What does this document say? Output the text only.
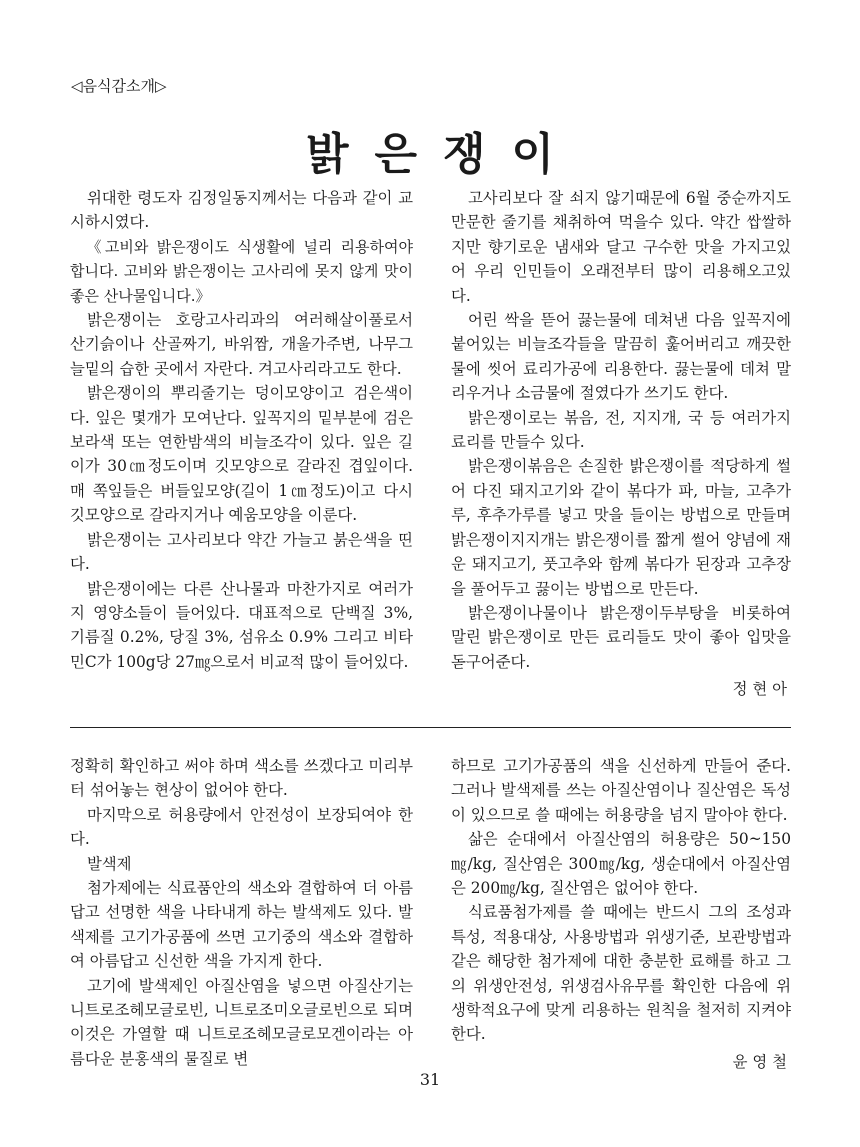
◁음식감소개▷
밝은쟁이

위대한 령도자 김정일동지께서는 다음과 같이 교시하시였다.

《고비와 밝은쟁이도 식생활에 널리 리용하여야 합니다. 고비와 밝은쟁이는 고사리에 못지 않게 맛이 좋은 산나물입니다.》

밝은쟁이는 호랑고사리과의 여러해살이풀로서 산기슭이나 산골짜기, 바위짬, 개울가주변, 나무그늘밑의 습한 곳에서 자란다. 겨고사리라고도 한다.

밝은쟁이의 뿌리줄기는 덩이모양이고 검은색이다. 잎은 몇개가 모여난다. 잎꼭지의 밑부분에 검은 보라색 또는 연한밤색의 비늘조각이 있다. 잎은 길이가 30㎝정도이며 깃모양으로 갈라진 겹잎이다. 매 쪽잎들은 버들잎모양(길이 1㎝정도)이고 다시 깃모양으로 갈라지거나 예움모양을 이룬다.

밝은쟁이는 고사리보다 약간 가늘고 붉은색을 띤다.

밝은쟁이에는 다른 산나물과 마찬가지로 여러가지 영양소들이 들어있다. 대표적으로 단백질 3%, 기름질 0.2%, 당질 3%, 섬유소 0.9% 그리고 비타민C가 100g당 27㎎으로서 비교적 많이 들어있다.

고사리보다 잘 쇠지 않기때문에 6월 중순까지도 만문한 줄기를 채취하여 먹을수 있다. 약간 쌉쌀하지만 향기로운 냄새와 달고 구수한 맛을 가지고있어 우리 인민들이 오래전부터 많이 리용해오고있다.

어린 싹을 뜯어 끓는물에 데쳐낸 다음 잎꼭지에 붙어있는 비늘조각들을 말끔히 훑어버리고 깨끗한 물에 씻어 료리가공에 리용한다. 끓는물에 데쳐 말리우거나 소금물에 절였다가 쓰기도 한다.

밝은쟁이로는 볶음, 전, 지지개, 국 등 여러가지 료리를 만들수 있다.

밝은쟁이볶음은 손질한 밝은쟁이를 적당하게 썰어 다진 돼지고기와 같이 볶다가 파, 마늘, 고추가루, 후추가루를 넣고 맛을 들이는 방법으로 만들며 밝은쟁이지지개는 밝은쟁이를 짧게 썰어 양념에 재운 돼지고기, 풋고추와 함께 볶다가 된장과 고추장을 풀어두고 끓이는 방법으로 만든다.

밝은쟁이나물이나 밝은쟁이두부탕을 비롯하여 말린 밝은쟁이로 만든 료리들도 맛이 좋아 입맛을 돋구어준다.

정 현 아

정확히 확인하고 써야 하며 색소를 쓰겠다고 미리부터 섞어놓는 현상이 없어야 한다.

마지막으로 허용량에서 안전성이 보장되여야 한다.

발색제

첨가제에는 식료품안의 색소와 결합하여 더 아름답고 선명한 색을 나타내게 하는 발색제도 있다. 발색제를 고기가공품에 쓰면 고기중의 색소와 결합하여 아름답고 신선한 색을 가지게 한다.

고기에 발색제인 아질산염을 넣으면 아질산기는 니트로조헤모글로빈, 니트로조미오글로빈으로 되며 이것은 가열할 때 니트로조헤모글로모겐이라는 아름다운 분홍색의 물질로 변

하므로 고기가공품의 색을 신선하게 만들어 준다. 그러나 발색제를 쓰는 아질산염이나 질산염은 독성이 있으므로 쓸 때에는 허용량을 넘지 말아야 한다.

삶은 순대에서 아질산염의 허용량은 50~150㎎/kg, 질산염은 300㎎/kg, 생순대에서 아질산염은 200㎎/kg, 질산염은 없어야 한다.

식료품첨가제를 쓸 때에는 반드시 그의 조성과 특성, 적용대상, 사용방법과 위생기준, 보관방법과 같은 해당한 첨가제에 대한 충분한 료해를 하고 그의 위생안전성, 위생검사유무를 확인한 다음에 위생학적요구에 맞게 리용하는 원칙을 철저히 지켜야 한다.

윤 영 철

31
